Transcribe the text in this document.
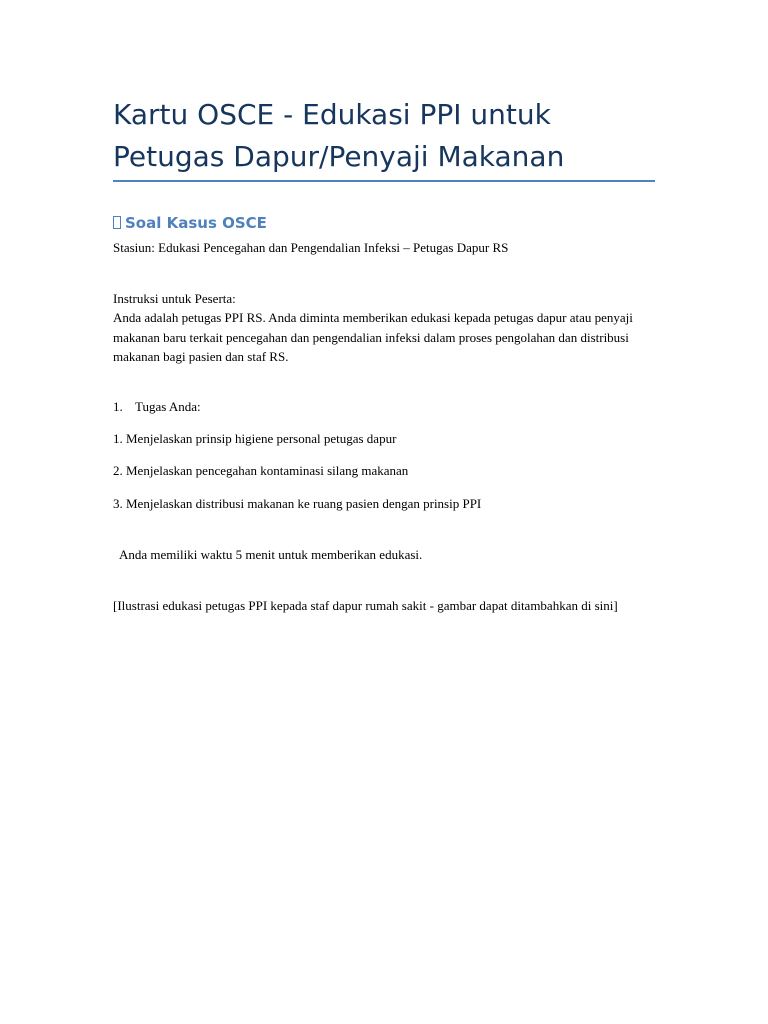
Kartu OSCE - Edukasi PPI untuk Petugas Dapur/Penyaji Makanan
Soal Kasus OSCE

Stasiun: Edukasi Pencegahan dan Pengendalian Infeksi – Petugas Dapur RS

Instruksi untuk Peserta:

Anda adalah petugas PPI RS. Anda diminta memberikan edukasi kepada petugas dapur atau penyaji makanan baru terkait pencegahan dan pengendalian infeksi dalam proses pengolahan dan distribusi makanan bagi pasien dan staf RS.

1. Tugas Anda:

1. Menjelaskan prinsip higiene personal petugas dapur

2. Menjelaskan pencegahan kontaminasi silang makanan

3. Menjelaskan distribusi makanan ke ruang pasien dengan prinsip PPI

Anda memiliki waktu 5 menit untuk memberikan edukasi.

[Ilustrasi edukasi petugas PPI kepada staf dapur rumah sakit - gambar dapat ditambahkan di sini]
